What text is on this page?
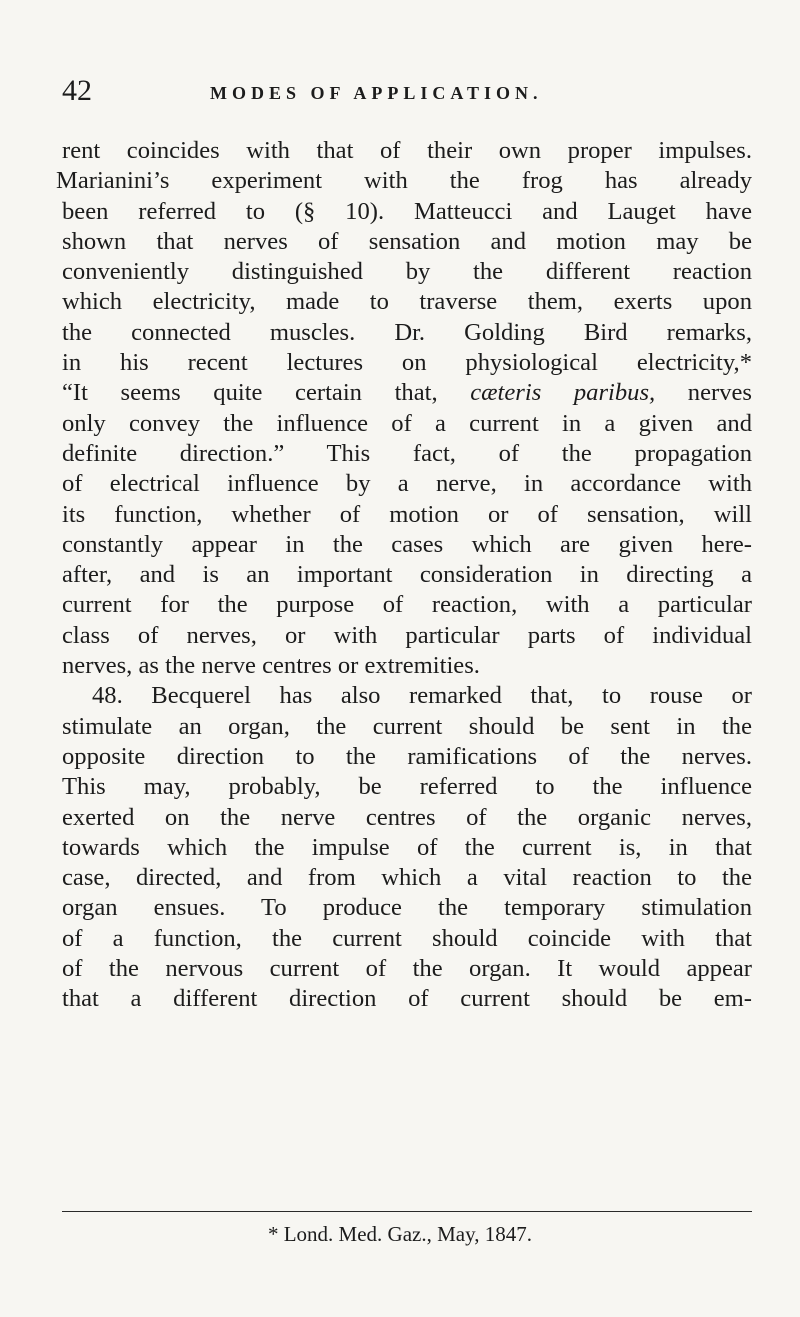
42	MODES OF APPLICATION.
rent coincides with that of their own proper impulses.
Marianini’s experiment with the frog has already
been referred to (§ 10). Matteucci and Lauget have
shown that nerves of sensation and motion may be
conveniently distinguished by the different reaction
which electricity, made to traverse them, exerts upon
the connected muscles. Dr. Golding Bird remarks,
in his recent lectures on physiological electricity,*
“It seems quite certain that, cæteris paribus, nerves
only convey the influence of a current in a given and
definite direction.” This fact, of the propagation
of electrical influence by a nerve, in accordance with
its function, whether of motion or of sensation, will
constantly appear in the cases which are given here-
after, and is an important consideration in directing a
current for the purpose of reaction, with a particular
class of nerves, or with particular parts of individual
nerves, as the nerve centres or extremities.
48. Becquerel has also remarked that, to rouse or
stimulate an organ, the current should be sent in the
opposite direction to the ramifications of the nerves.
This may, probably, be referred to the influence
exerted on the nerve centres of the organic nerves,
towards which the impulse of the current is, in that
case, directed, and from which a vital reaction to the
organ ensues. To produce the temporary stimulation
of a function, the current should coincide with that
of the nervous current of the organ. It would appear
that a different direction of current should be em-
* Lond. Med. Gaz., May, 1847.
